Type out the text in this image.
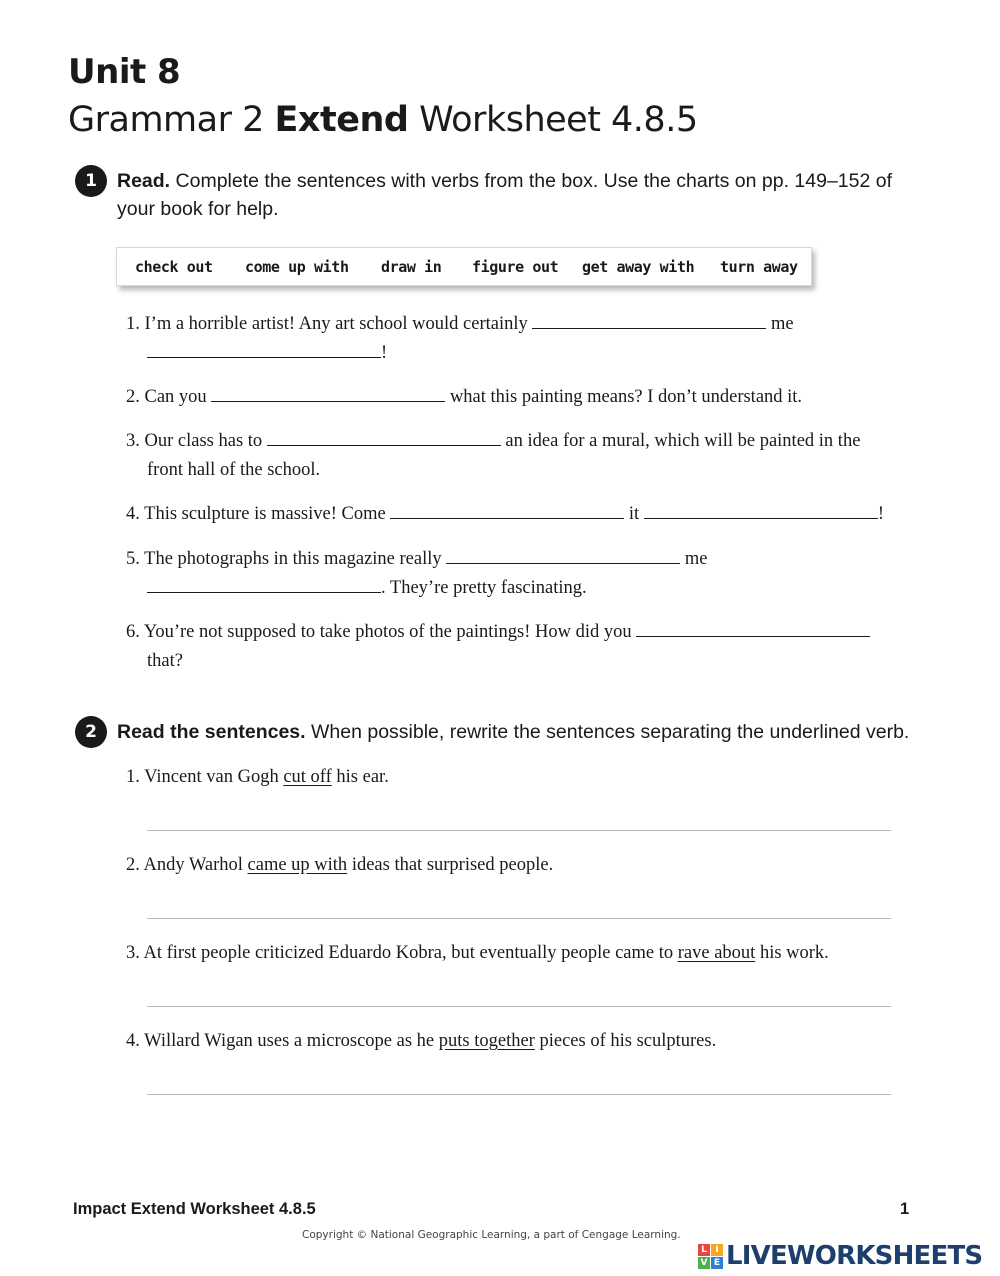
Unit 8
Grammar 2 Extend Worksheet 4.8.5
1	Read. Complete the sentences with verbs from the box. Use the charts on pp. 149–152 of
your book for help.
check out come up with draw in figure out get away with turn away
1. I’m a horrible artist! Any art school would certainly	me
!
2. Can you	what this painting means? I don’t understand it.
3. Our class has to	an idea for a mural, which will be painted in the
front hall of the school.
4. This sculpture is massive! Come	it	!
5. The photographs in this magazine really	me
. They’re pretty fascinating.
6. You’re not supposed to take photos of the paintings! How did you
that?
2	Read the sentences. When possible, rewrite the sentences separating the underlined verb.
1. Vincent van Gogh cut off his ear.
2. Andy Warhol came up with ideas that surprised people.
3. At first people criticized Eduardo Kobra, but eventually people came to rave about his work.
4. Willard Wigan uses a microscope as he puts together pieces of his sculptures.
Impact Extend Worksheet 4.8.5	1
Copyright © National Geographic Learning, a part of Cengage Learning.
L I
V E LIVEWORKSHEETS
